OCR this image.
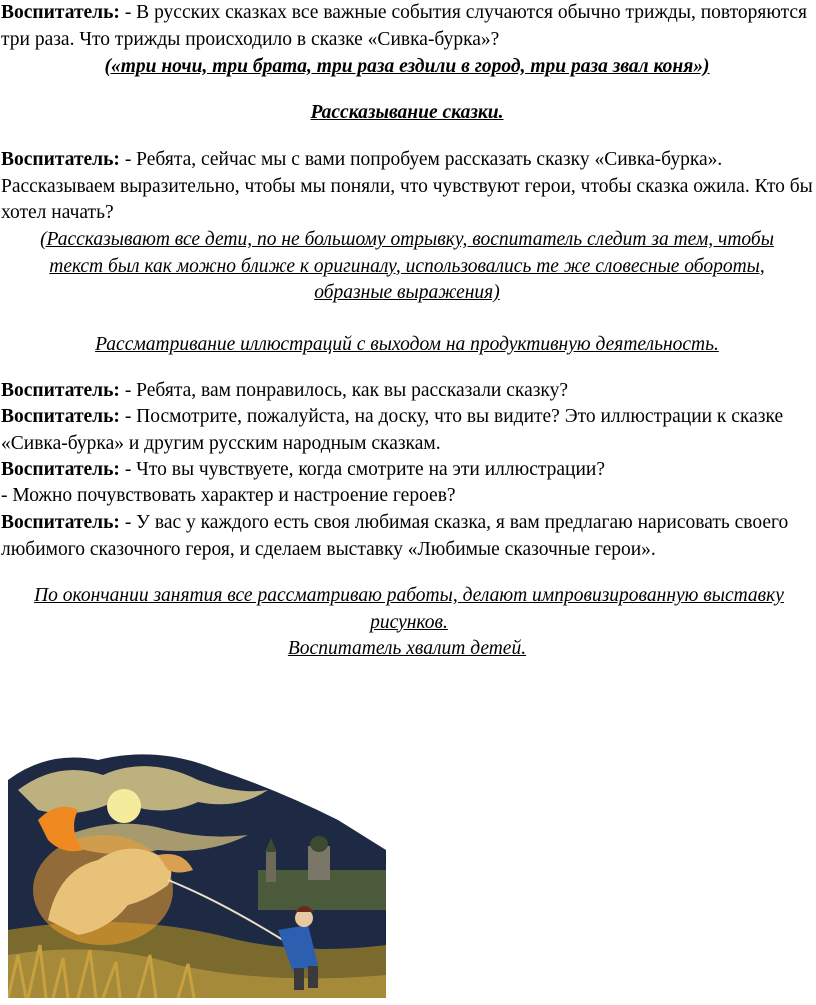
Воспитатель: - В русских сказках все важные события случаются обычно трижды, повторяются три раза. Что трижды происходило в сказке «Сивка-бурка»?

(«три ночи, три брата, три раза ездили в город, три раза звал коня»)

Рассказывание сказки.

Воспитатель: - Ребята, сейчас мы с вами попробуем рассказать сказку «Сивка-бурка». Рассказываем выразительно, чтобы мы поняли, что чувствуют герои, чтобы сказка ожила. Кто бы хотел начать?

(Рассказывают все дети, по не большому отрывку, воспитатель следит за тем, чтобы текст был как можно ближе к оригиналу, использовались те же словесные обороты, образные выражения)

Рассматривание иллюстраций с выходом на продуктивную деятельность.

Воспитатель: - Ребята, вам понравилось, как вы рассказали сказку?

Воспитатель: - Посмотрите, пожалуйста, на доску, что вы видите? Это иллюстрации к сказке «Сивка-бурка» и другим русским народным сказкам.

Воспитатель: - Что вы чувствуете, когда смотрите на эти иллюстрации?

- Можно почувствовать характер и настроение героев?

Воспитатель: - У вас у каждого есть своя любимая сказка, я вам предлагаю нарисовать своего любимого сказочного героя, и сделаем выставку «Любимые сказочные герои».

По окончании занятия все рассматриваю работы, делают импровизированную выставку рисунков.

Воспитатель хвалит детей.
